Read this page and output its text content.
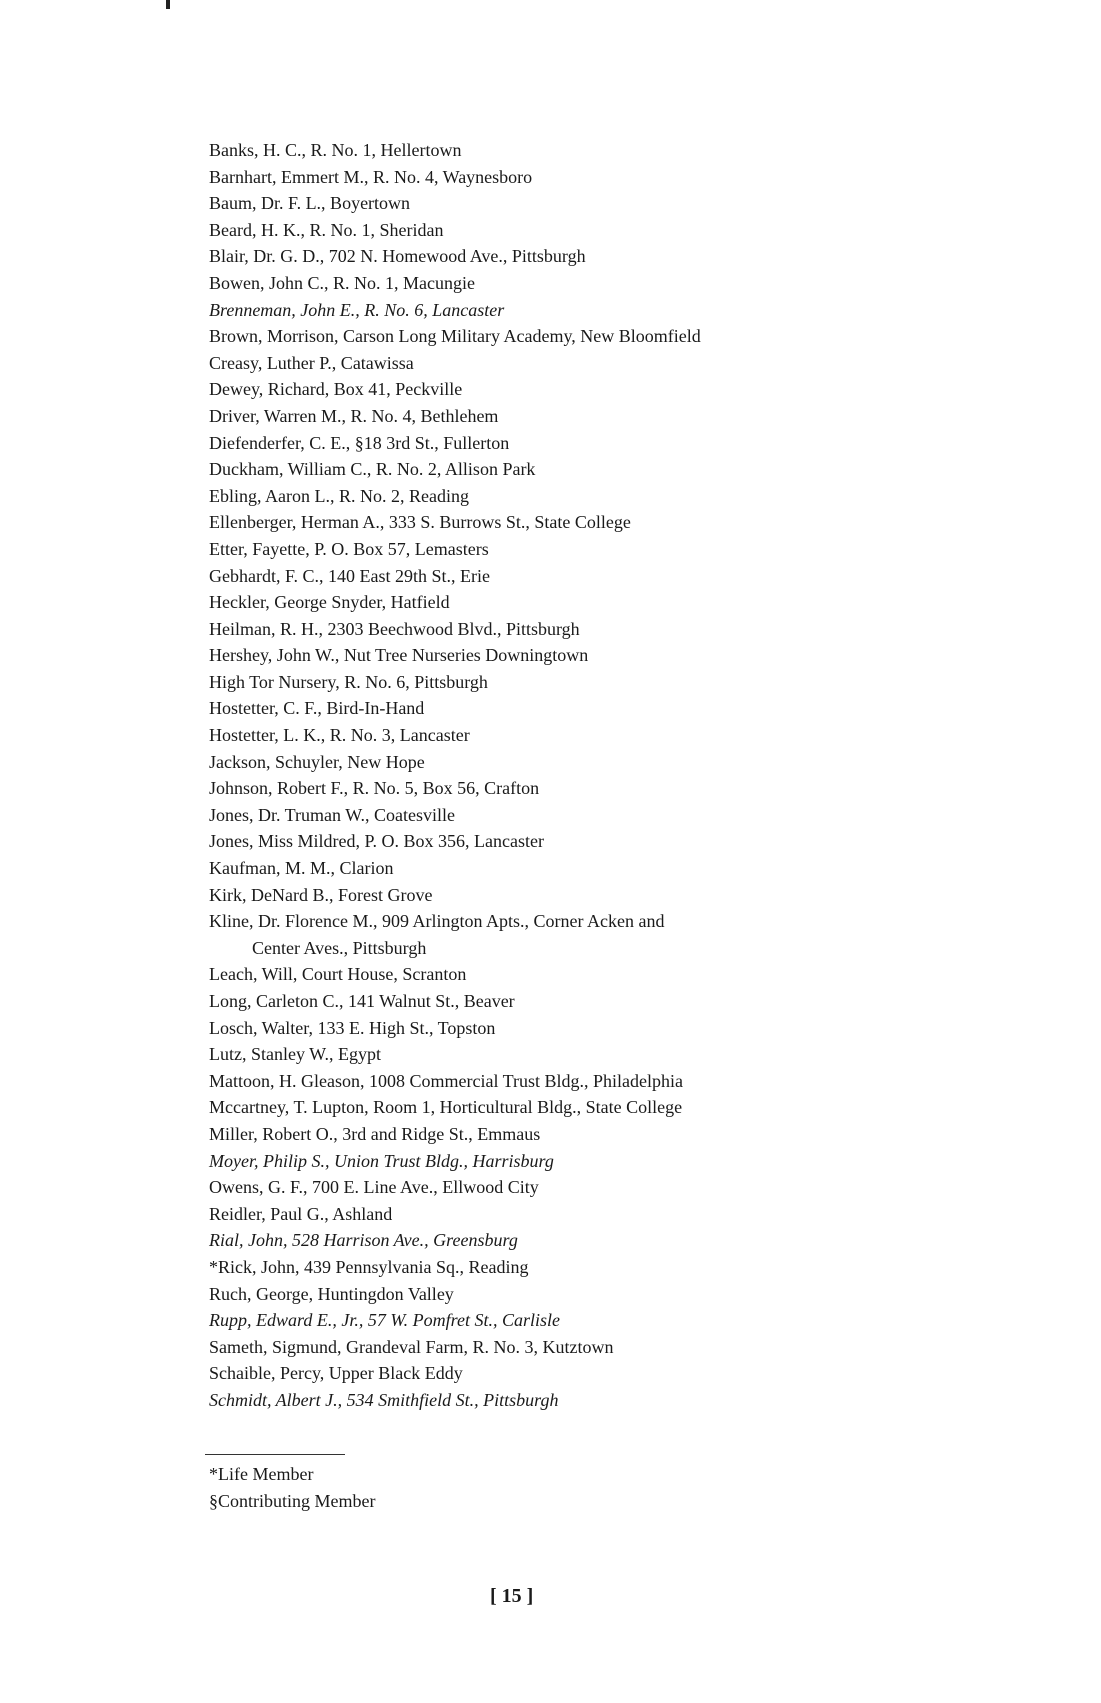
Banks, H. C., R. No. 1, Hellertown
Barnhart, Emmert M., R. No. 4, Waynesboro
Baum, Dr. F. L., Boyertown
Beard, H. K., R. No. 1, Sheridan
Blair, Dr. G. D., 702 N. Homewood Ave., Pittsburgh
Bowen, John C., R. No. 1, Macungie
Brenneman, John E., R. No. 6, Lancaster
Brown, Morrison, Carson Long Military Academy, New Bloomfield
Creasy, Luther P., Catawissa
Dewey, Richard, Box 41, Peckville
Driver, Warren M., R. No. 4, Bethlehem
Diefenderfer, C. E., §18 3rd St., Fullerton
Duckham, William C., R. No. 2, Allison Park
Ebling, Aaron L., R. No. 2, Reading
Ellenberger, Herman A., 333 S. Burrows St., State College
Etter, Fayette, P. O. Box 57, Lemasters
Gebhardt, F. C., 140 East 29th St., Erie
Heckler, George Snyder, Hatfield
Heilman, R. H., 2303 Beechwood Blvd., Pittsburgh
Hershey, John W., Nut Tree Nurseries Downingtown
High Tor Nursery, R. No. 6, Pittsburgh
Hostetter, C. F., Bird-In-Hand
Hostetter, L. K., R. No. 3, Lancaster
Jackson, Schuyler, New Hope
Johnson, Robert F., R. No. 5, Box 56, Crafton
Jones, Dr. Truman W., Coatesville
Jones, Miss Mildred, P. O. Box 356, Lancaster
Kaufman, M. M., Clarion
Kirk, DeNard B., Forest Grove
Kline, Dr. Florence M., 909 Arlington Apts., Corner Acken and
Center Aves., Pittsburgh
Leach, Will, Court House, Scranton
Long, Carleton C., 141 Walnut St., Beaver
Losch, Walter, 133 E. High St., Topston
Lutz, Stanley W., Egypt
Mattoon, H. Gleason, 1008 Commercial Trust Bldg., Philadelphia
Mccartney, T. Lupton, Room 1, Horticultural Bldg., State College
Miller, Robert O., 3rd and Ridge St., Emmaus
Moyer, Philip S., Union Trust Bldg., Harrisburg
Owens, G. F., 700 E. Line Ave., Ellwood City
Reidler, Paul G., Ashland
Rial, John, 528 Harrison Ave., Greensburg
*Rick, John, 439 Pennsylvania Sq., Reading
Ruch, George, Huntingdon Valley
Rupp, Edward E., Jr., 57 W. Pomfret St., Carlisle
Sameth, Sigmund, Grandeval Farm, R. No. 3, Kutztown
Schaible, Percy, Upper Black Eddy
Schmidt, Albert J., 534 Smithfield St., Pittsburgh
*Life Member
§Contributing Member
[ 15 ]
